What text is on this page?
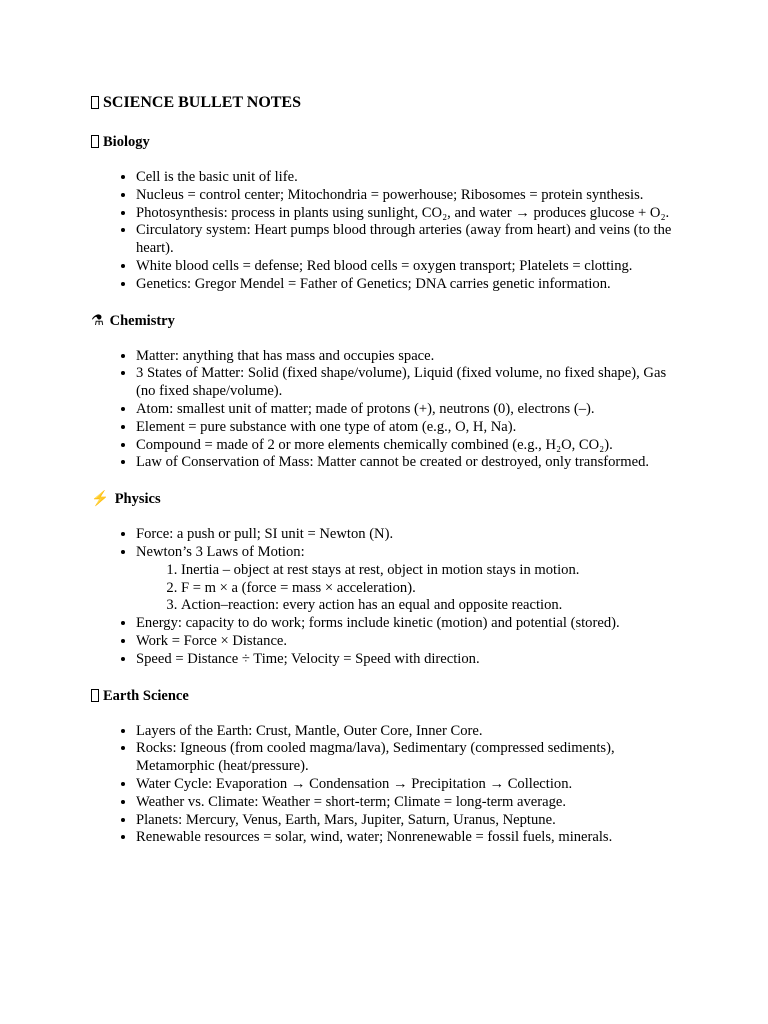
SCIENCE BULLET NOTES
Biology
• Cell is the basic unit of life.
• Nucleus = control center; Mitochondria = powerhouse; Ribosomes = protein synthesis.
• Photosynthesis: process in plants using sunlight, CO₂, and water → produces glucose + O₂.
• Circulatory system: Heart pumps blood through arteries (away from heart) and veins (to the heart).
• White blood cells = defense; Red blood cells = oxygen transport; Platelets = clotting.
• Genetics: Gregor Mendel = Father of Genetics; DNA carries genetic information.
⚗ Chemistry
• Matter: anything that has mass and occupies space.
• 3 States of Matter: Solid (fixed shape/volume), Liquid (fixed volume, no fixed shape), Gas (no fixed shape/volume).
• Atom: smallest unit of matter; made of protons (+), neutrons (0), electrons (–).
• Element = pure substance with one type of atom (e.g., O, H, Na).
• Compound = made of 2 or more elements chemically combined (e.g., H₂O, CO₂).
• Law of Conservation of Mass: Matter cannot be created or destroyed, only transformed.
⚡ Physics
• Force: a push or pull; SI unit = Newton (N).
• Newton’s 3 Laws of Motion:
1. Inertia – object at rest stays at rest, object in motion stays in motion.
2. F = m × a (force = mass × acceleration).
3. Action–reaction: every action has an equal and opposite reaction.
• Energy: capacity to do work; forms include kinetic (motion) and potential (stored).
• Work = Force × Distance.
• Speed = Distance ÷ Time; Velocity = Speed with direction.
Earth Science
• Layers of the Earth: Crust, Mantle, Outer Core, Inner Core.
• Rocks: Igneous (from cooled magma/lava), Sedimentary (compressed sediments), Metamorphic (heat/pressure).
• Water Cycle: Evaporation → Condensation → Precipitation → Collection.
• Weather vs. Climate: Weather = short-term; Climate = long-term average.
• Planets: Mercury, Venus, Earth, Mars, Jupiter, Saturn, Uranus, Neptune.
• Renewable resources = solar, wind, water; Nonrenewable = fossil fuels, minerals.
